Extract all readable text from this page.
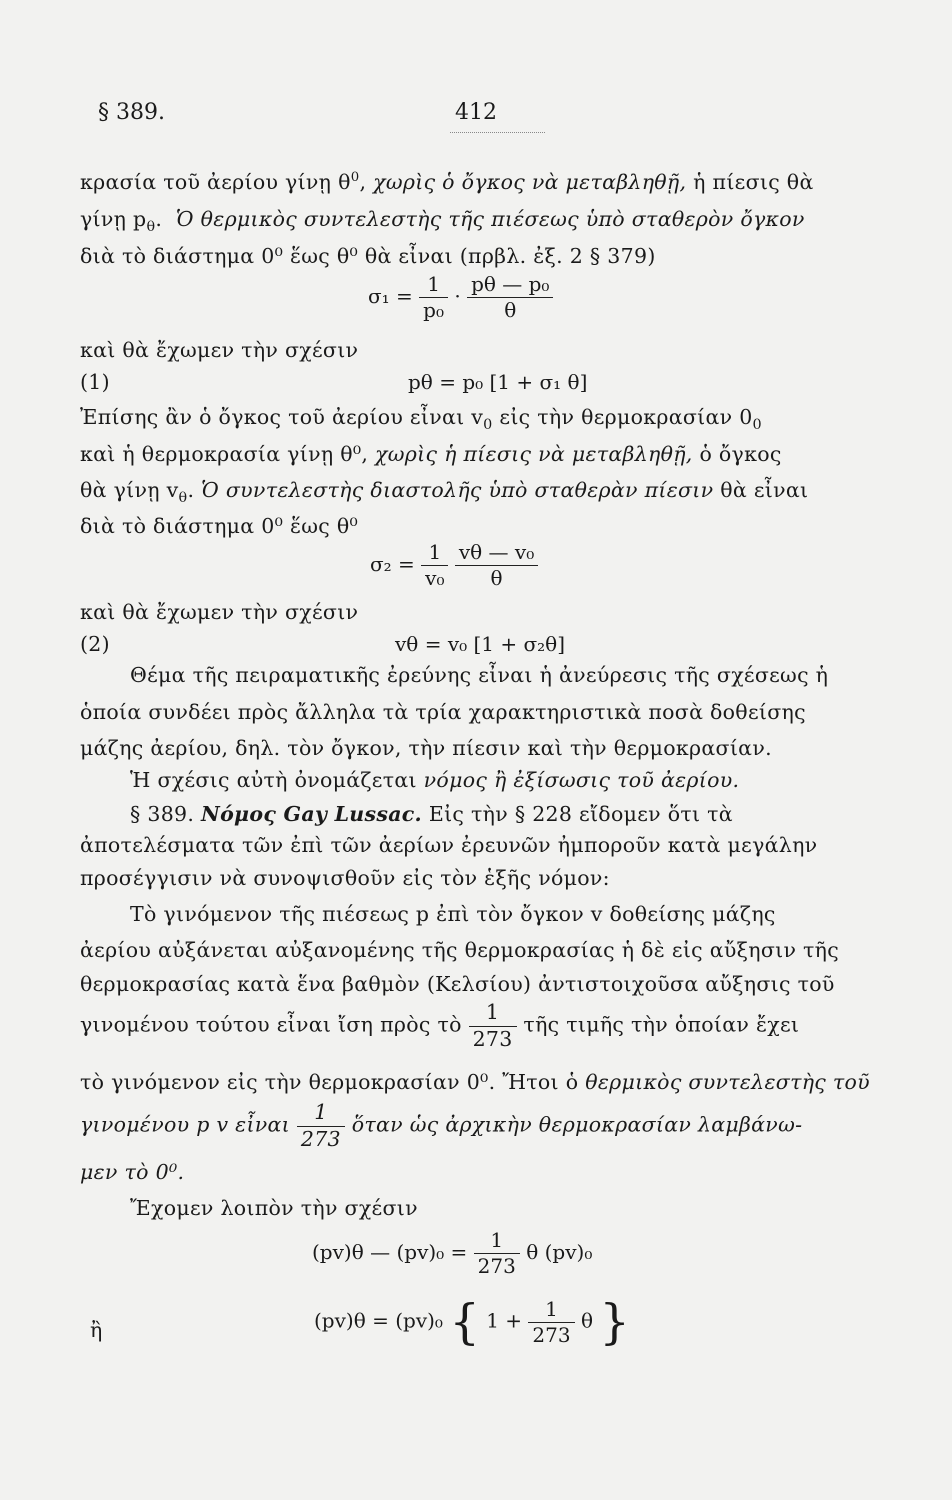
§ 389.	412
κρασία τοῦ ἀερίου γίνῃ $\theta^0$, χωρὶς ὁ ὄγκος νὰ μεταβληθῇ, ἡ πίεσις θὰ
γίνῃ $p_\theta$. Ὁ θερμικὸς συντελεστὴς τῆς πιέσεως ὑπὸ σταθερὸν ὄγκον
διὰ τὸ διάστημα 0⁰ ἕως θ⁰ θὰ εἶναι (πρβλ. ἐξ. 2 § 379)
$\sigma_1 = \frac{1}{\text{p₀}} \cdot \frac{\text{pθ — p₀}}{\theta}$
καὶ θὰ ἔχωμεν τὴν σχέσιν
(1)	pθ = p₀ [1 + σ₁ θ]
Ἐπίσης ἂν ὁ ὄγκος τοῦ ἀερίου εἶναι $v_0$ εἰς τὴν θερμοκρασίαν $0_0$
καὶ ἡ θερμοκρασία γίνῃ θ⁰, χωρὶς ἡ πίεσις νὰ μεταβληθῇ, ὁ ὄγκος
θὰ γίνῃ $v_\theta$. Ὁ συντελεστὴς διαστολῆς ὑπὸ σταθερὰν πίεσιν θὰ εἶναι
διὰ τὸ διάστημα 0⁰ ἕως θ⁰
$\sigma_2 = \frac{1}{\text{v₀}}$
$\frac{\text{vθ — v₀}}{\theta}$
καὶ θὰ ἔχωμεν τὴν σχέσιν
(2)	vθ = v₀ [1 + σ₂θ]
Θέμα τῆς πειραματικῆς ἐρεύνης εἶναι ἡ ἀνεύρεσις τῆς σχέσεως ἡ
ὁποία συνδέει πρὸς ἄλληλα τὰ τρία χαρακτηριστικὰ ποσὰ δοθείσης
μάζης ἀερίου, δηλ. τὸν ὄγκον, τὴν πίεσιν καὶ τὴν θερμοκρασίαν.
Ἡ σχέσις αὐτὴ ὀνομάζεται νόμος ἢ ἐξίσωσις τοῦ ἀερίου.
§ 389. Νόμος Gay Lussac. Εἰς τὴν § 228 εἴδομεν ὅτι τὰ
ἀποτελέσματα τῶν ἐπὶ τῶν ἀερίων ἐρευνῶν ἠμποροῦν κατὰ μεγάλην
προσέγγισιν νὰ συνοψισθοῦν εἰς τὸν ἑξῆς νόμον:
Τὸ γινόμενον τῆς πιέσεως p ἐπὶ τὸν ὄγκον v δοθείσης μάζης
ἀερίου αὐξάνεται αὐξανομένης τῆς θερμοκρασίας ἡ δὲ εἰς αὔξησιν τῆς
θερμοκρασίας κατὰ ἕνα βαθμὸν (Κελσίου) ἀντιστοιχοῦσα αὔξησις τοῦ
γινομένου τούτου εἶναι ἴση πρὸς τὸ $\frac{1}{273}$ τῆς τιμῆς τὴν ὁποίαν ἔχει
τὸ γινόμενον εἰς τὴν θερμοκρασίαν 0⁰. Ἤτοι ὁ θερμικὸς συντελεστὴς τοῦ
γινομένου p v εἶναι $\frac{1}{273}$ ὅταν ὡς ἀρχικὴν θερμοκρασίαν λαμβάνω-
μεν τὸ 0⁰.
Ἔχομεν λοιπὸν τὴν σχέσιν
(pv)θ — $(pv)_0 = \frac{1}{273}$ θ (pv)₀
ἢ	(pv)θ = (pv)₀ { $1 + \frac{1}{273}$ θ }
